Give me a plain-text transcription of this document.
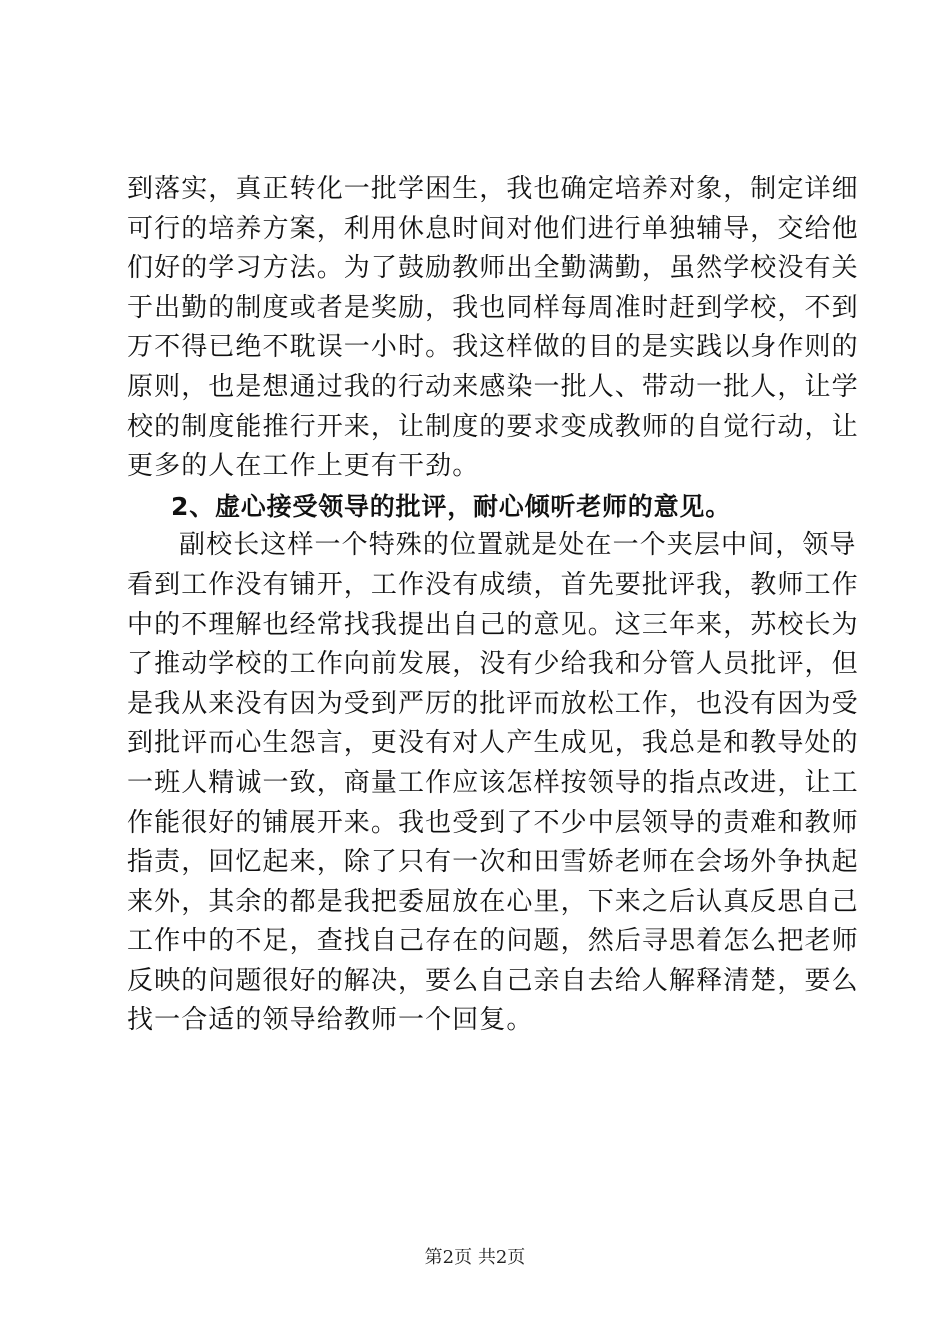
到落实，真正转化一批学困生，我也确定培养对象，制定详细
可行的培养方案，利用休息时间对他们进行单独辅导，交给他
们好的学习方法。为了鼓励教师出全勤满勤，虽然学校没有关
于出勤的制度或者是奖励，我也同样每周准时赶到学校，不到
万不得已绝不耽误一小时。我这样做的目的是实践以身作则的
原则，也是想通过我的行动来感染一批人、带动一批人，让学
校的制度能推行开来，让制度的要求变成教师的自觉行动，让
更多的人在工作上更有干劲。
2、虚心接受领导的批评，耐心倾听老师的意见。
副校长这样一个特殊的位置就是处在一个夹层中间，领导
看到工作没有铺开，工作没有成绩，首先要批评我，教师工作
中的不理解也经常找我提出自己的意见。这三年来，苏校长为
了推动学校的工作向前发展，没有少给我和分管人员批评，但
是我从来没有因为受到严厉的批评而放松工作，也没有因为受
到批评而心生怨言，更没有对人产生成见，我总是和教导处的
一班人精诚一致，商量工作应该怎样按领导的指点改进，让工
作能很好的铺展开来。我也受到了不少中层领导的责难和教师
指责，回忆起来，除了只有一次和田雪娇老师在会场外争执起
来外，其余的都是我把委屈放在心里，下来之后认真反思自己
工作中的不足，查找自己存在的问题，然后寻思着怎么把老师
反映的问题很好的解决，要么自己亲自去给人解释清楚，要么
找一合适的领导给教师一个回复。
第2页 共2页
